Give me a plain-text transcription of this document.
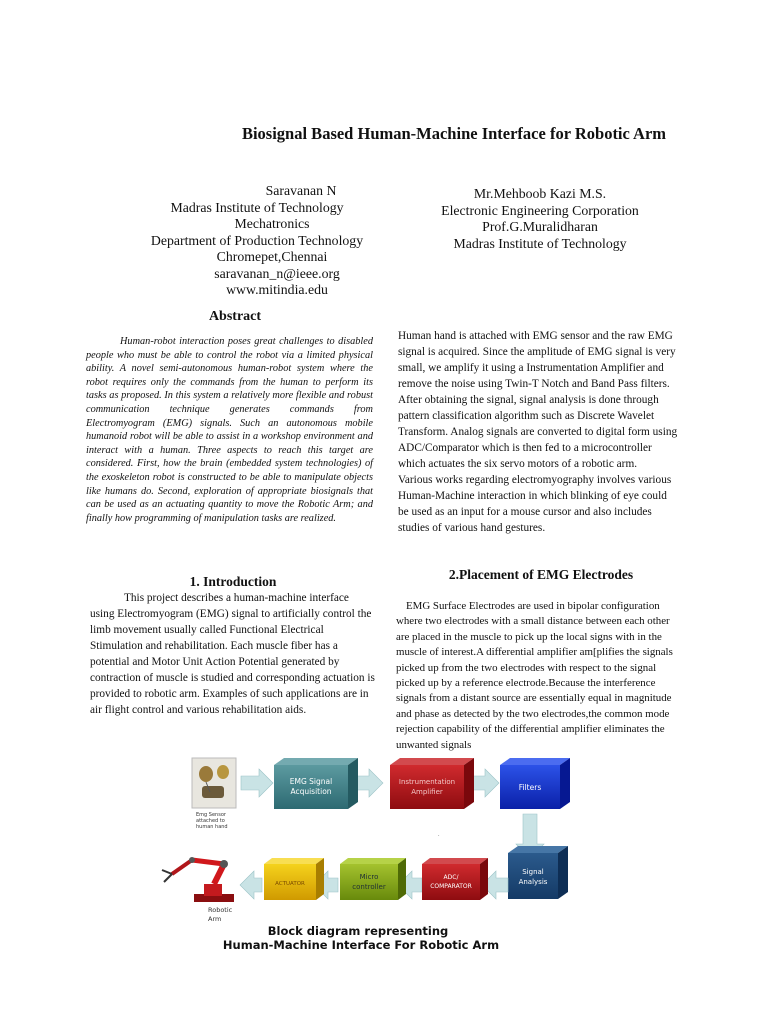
Biosignal Based Human-Machine Interface for Robotic Arm
Saravanan N
Madras Institute of Technology
Mechatronics
Department of Production Technology
Chromepet,Chennai
saravanan_n@ieee.org
www.mitindia.edu
Mr.Mehboob Kazi M.S.
Electronic Engineering Corporation
Prof.G.Muralidharan
Madras Institute of Technology
Abstract
Human-robot interaction poses great challenges to disabled people who must be able to control the robot via a limited physical ability. A novel semi-autonomous human-robot system where the robot requires only the commands from the human to perform its tasks as proposed. In this system a relatively more flexible and robust communication technique generates commands from Electromyogram (EMG) signals. Such an autonomous mobile humanoid robot will be able to assist in a workshop environment and interact with a human. Three aspects to reach this target are considered. First, how the brain (embedded system technologies) of the exoskeleton robot is constructed to be able to manipulate objects like humans do. Second, exploration of appropriate biosignals that can be used as an actuating quantity to move the Robotic Arm; and finally how programming of manipulation tasks are realized.

Human hand is attached with EMG sensor and the raw EMG signal is acquired. Since the amplitude of EMG signal is very small, we amplify it using a Instrumentation Amplifier and remove the noise using Twin-T Notch and Band Pass filters. After obtaining the signal, signal analysis is done through pattern classification algorithm such as Discrete Wavelet Transform. Analog signals are converted to digital form using ADC/Comparator which is then fed to a microcontroller which actuates the six servo motors of a robotic arm.

Various works regarding electromyography involves various Human-Machine interaction in which blinking of eye could be used as an input for a mouse cursor and also includes studies of various hand gestures.

1. Introduction
This project describes a human-machine interface using Electromyogram (EMG) signal to artificially control the limb movement usually called Functional Electrical Stimulation and rehabilitation. Each muscle fiber has a potential and Motor Unit Action Potential generated by contraction of muscle is studied and corresponding actuation is provided to robotic arm. Examples of such applications are in air flight control and various rehabilitation aids.
2.Placement of EMG Electrodes
EMG Surface Electrodes are used in bipolar configuration where two electrodes with a small distance between each other are placed in the muscle to pick up the local signs with in the muscle of interest.A differential amplifier am[plifies the signals picked up from the two electrodes with respect to the signal picked up by a reference electrode.Because the interference signals from a distant source are essentially equal in magnitude and phase as detected by the two electrodes,the common mode rejection capability of the differential amplifier eliminates the unwanted signals
Emg Sensor
attached to
human hand
EMG Signal
Acquisition
Instrumentation
Amplifier	Filters
.
Signal
Analysis
ADC/
COMPARATOR
Micro
controller
ACTUATOR
Robotic
Arm
Block diagram representing
Human-Machine Interface For Robotic Arm
